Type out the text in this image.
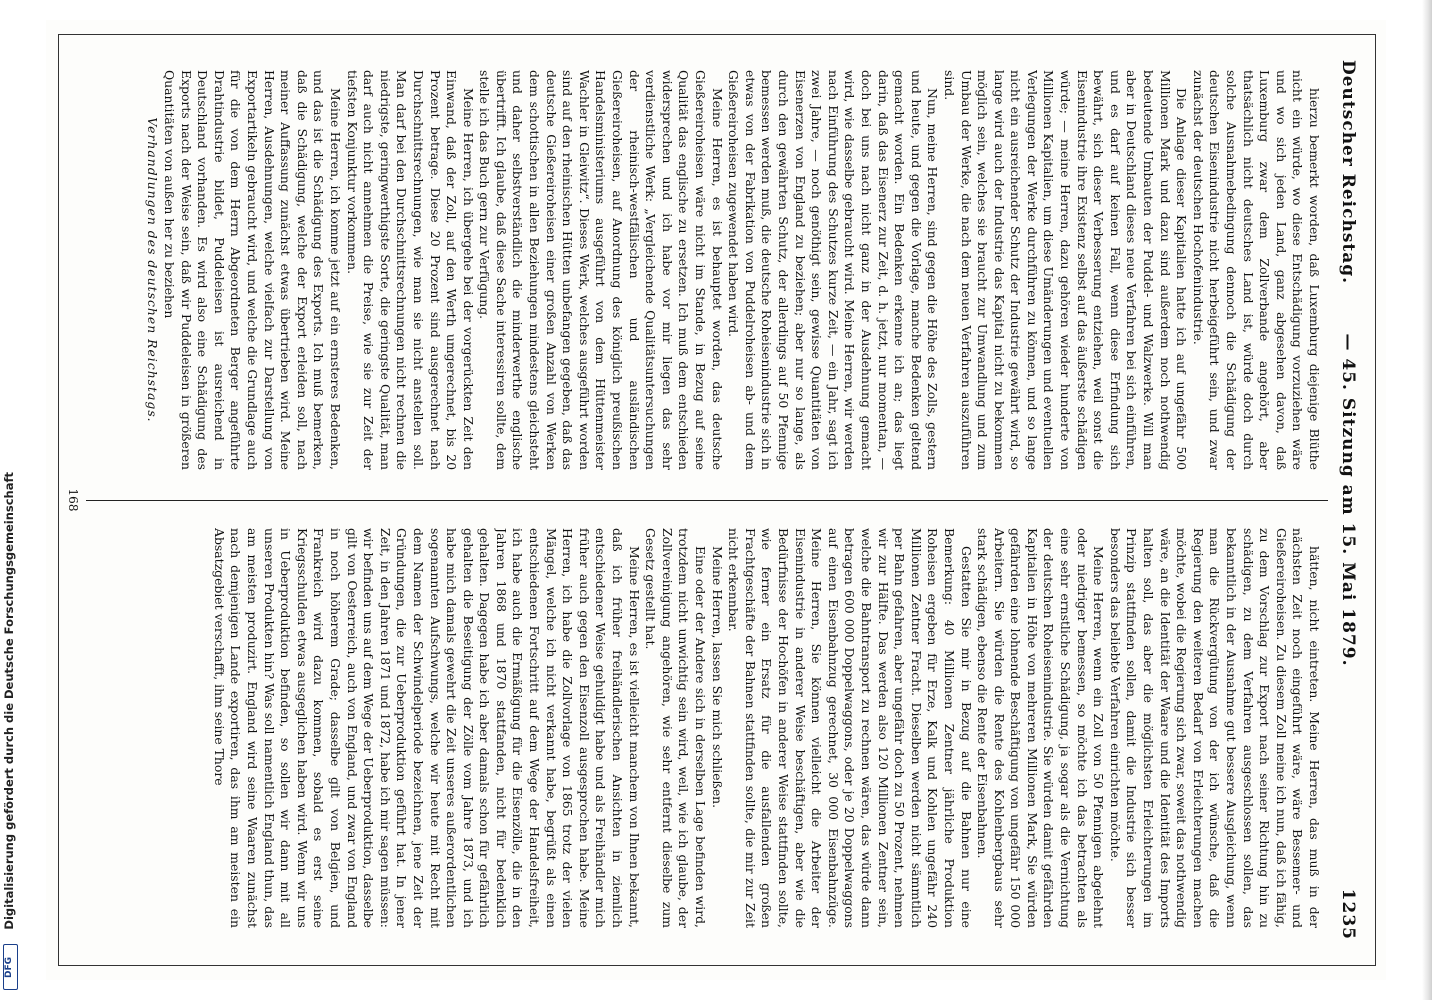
Deutscher Reichstag.
— 45. Sitzung am 15. Mai 1879.
1235

hierzu bemerkt worden, daß Luxemburg diejenige Blüthe nicht ein würde, wo diese Entschädigung vorzuziehen wäre und wo sich jeden Land, ganz abgesehen davon, daß Luxemburg zwar dem Zollverbande angehört, aber thatsächlich nicht deutsches Land ist, würde doch durch solche Ausnahmebedingung dennoch die Schädigung der deutschen Eisenindustrie nicht herbeigeführt sein, und zwar zunächst der deutschen Hochofenindustrie.

Die Anlage dieser Kapitalien hatte ich auf ungefähr 500 Millionen Mark und dazu sind außerdem noch nothwendig bedeutende Umbauten der Puddel- und Walzwerke. Will man aber in Deutschland dieses neue Verfahren bei sich einführen, und es darf auf keinen Fall, wenn diese Erfindung sich bewährt, sich dieser Verbesserung entziehen, weil sonst die Eisenindustrie ihre Existenz selbst auf das äußerste schädigen würde; — meine Herren, dazu gehören wieder hunderte von Millionen Kapitalien, um diese Umänderungen und eventuellen Verlegungen der Werke durchführen zu können, und so lange nicht ein ausreichender Schutz der Industrie gewährt wird, so lange wird auch der Industrie das Kapital nicht zu bekommen möglich sein, welches sie braucht zur Umwandlung und zum Umbau der Werke, die nach dem neuen Verfahren auszuführen sind.

Nun, meine Herren, sind gegen die Höhe des Zolls, gestern und heute, und gegen die Vorlage, manche Bedenken geltend gemacht worden. Ein Bedenken erkenne ich an; das liegt darin, daß das Eisenerz zur Zeit, d. h. jetzt, nur momentan, — doch bei uns nach nicht ganz in der Ausdehnung gemacht wird, wie dasselbe gebraucht wird. Meine Herren, wir werden nach Einführung des Schutzes kurze Zeit, — ein Jahr, sagt ich zwei Jahre, — noch genöthigt sein, gewisse Quantitäten von Eisenerzen von England zu beziehen; aber nur so lange, als durch den gewährten Schutz, der allerdings auf 50 Pfennige bemessen werden muß, die deutsche Roheisenindustrie sich in etwas von der Fabrikation von Puddelroheisen ab- und dem Gießereiroheisen zugewendet haben wird.

Meine Herren, es ist behauptet worden, das deutsche Gießereiroheisen wäre nicht im Stande, in Bezug auf seine Qualität das englische zu ersetzen. Ich muß dem entschieden widersprechen und ich habe vor mir liegen das sehr verdienstliche Werk: „Vergleichende Qualitätsuntersuchungen der rheinisch-westfälischen und ausländischen Gießereiroheisen, auf Anordnung des königlich preußischen Handelsministeriums ausgeführt von dem Hüttenmeister Wachler in Gleiwitz“. Dieses Werk, welches ausgeführt worden sind auf den rheinischen Hütten unbefangen gegeben, daß das deutsche Gießereiroheisen einer großen Anzahl von Werken dem schottischen in allen Beziehungen mindestens gleichsteht und daher selbstverständlich die minderwerthe englische übertrifft. Ich glaube, daß diese Sache interessiren sollte, dem stelle ich das Buch gern zur Verfügung.

Meine Herren, ich übergehe bei der vorgerückten Zeit den Einwand, daß der Zoll, auf den Werth umgerechnet, bis 20 Prozent betrage. Diese 20 Prozent sind ausgerechnet nach Durchschnittsrechnungen, wie man sie nicht anstellen soll. Man darf bei den Durchschnittsrechnungen nicht rechnen die niedrigste, geringwerthigste Sorte, die geringste Qualität, man darf auch nicht annehmen die Preise, wie sie zur Zeit der tiefsten Konjunktur vorkommen.

Meine Herren, ich komme jetzt auf ein ernsteres Bedenken, und das ist die Schädigung des Exports. Ich muß bemerken, daß die Schädigung, welche der Export erleiden soll, nach meiner Auffassung zunächst etwas übertrieben wird. Meine Herren, Ausdehnungen, welche vielfach zur Darstellung von Exportartikeln gebraucht wird, und welche die Grundlage auch für die von dem Herrn Abgeordneten Berger angeführte Drahtindustrie bildet, Puddeleisen ist ausreichend in Deutschland vorhanden. Es wird also eine Schädigung des Exports nach der Weise sein, daß wir Puddeleisen in größeren Quantitäten von außen her zu beziehen

Verhandlungen des deutschen Reichstags.

hätten, nicht eintreten. Meine Herren, das muß in der nächsten Zeit noch eingeführt wäre, wäre Bessemer- und Gießereiroheisen. Zu diesem Zoll meine ich nun, daß ich fähig, zu dem Vorschlag zur Export nach seiner Richtung hin zu schädigen, zu dem Verfahren ausgeschlossen sollen, das bekanntlich in der Ausnahme gut bessere Ausgleichung, wenn man die Rückvergütung von der ich wünsche, daß die Regierung den weiteren Bedarf von Erleichterungen machen möchte, wobei die Regierung sich zwar, soweit das nothwendig wäre, an die Identität der Waare und die Identität des Imports halten soll, das aber die möglichsten Erleichterungen im Prinzip stattfinden sollen, damit die Industrie sich besser besonders das beliebte Verfahren einrichten möchte.

Meine Herren, wenn ein Zoll von 50 Pfennigen abgelehnt oder niedriger bemessen, so möchte ich das betrachten als eine sehr ernstliche Schädigung, ja sogar als die Vernichtung der deutschen Roheisenindustrie. Sie würden damit gefährden Kapitalien in Höhe von mehreren Millionen Mark, Sie würden gefährden eine lohnende Beschäftigung von ungefähr 150 000 Arbeitern. Sie würden die Rente des Kohlenbergbaus sehr stark schädigen, ebenso die Rente der Eisenbahnen.

Gestatten Sie mir in Bezug auf die Bahnen nur eine Bemerkung: 40 Millionen Zentner jährliche Produktion Roheisen ergeben für Erze, Kalk und Kohlen ungefähr 240 Millionen Zentner Fracht. Dieselben werden nicht sämmtlich per Bahn gefahren, aber ungefähr doch zu 50 Prozent, nehmen wir zur Hälfte. Das werden also 120 Millionen Zentner sein, welche die Bahntransport zu rechnen wären, das würde dann betragen 600 000 Doppelwaggons, oder je 20 Doppelwaggons auf einen Eisenbahnzug gerechnet, 30 000 Eisenbahnzüge. Meine Herren, Sie können vielleicht die Arbeiter der Eisenindustrie in anderer Weise beschäftigen, aber wie die Bedürfnisse der Hochöfen in anderer Weise stattfinden sollte, wie ferner ein Ersatz für die ausfallenden großen Frachtgeschäfte der Bahnen stattfinden sollte, die mir zur Zeit nicht erkennbar.

Meine Herren, lassen Sie mich schließen.

Eine oder der Andere sich in derselben Lage befinden wird, trotzdem nicht unwichtig sein wird, weil, wie ich glaube, der Zollvereinigung angehören, wie sehr entfernt dieselbe zum Gesetz gestellt hat.

Meine Herren, es ist vielleicht manchem von Ihnen bekannt, daß ich früher freihändlerischen Ansichten in ziemlich entschiedener Weise gehuldigt habe und als Freihändler mich früher auch gegen den Eisenzoll ausgesprochen habe. Meine Herren, ich habe die Zollvorlage von 1865 trotz der vielen Mängel, welche ich nicht verkannt habe, begrüßt als einen entschiedenen Fortschritt auf dem Wege der Handelsfreiheit, ich habe auch die Ermäßigung für die Eisenzölle, die in den Jahren 1868 und 1870 stattfanden, nicht für bedenklich gehalten. Dagegen habe ich aber damals schon für gefährlich gehalten die Beseitigung der Zölle vom Jahre 1873, und ich habe mich damals gewehrt die Zeit unseres außerordentlichen sogenannten Aufschwungs, welche wir heute mit Recht mit dem Namen der Schwindelperiode bezeichnen, jene Zeit der Gründungen, die zur Ueberproduktion geführt hat. In jener Zeit, in den Jahren 1871 und 1872, habe ich mir sagen müssen: wir befinden uns auf dem Wege der Ueberproduktion, dasselbe gilt von Oesterreich, auch von England, und zwar von England in noch höherem Grade; dasselbe gilt von Belgien, und Frankreich wird dazu kommen, sobald es erst seine Kriegsschulden etwas ausgeglichen haben wird. Wenn wir uns in Ueberproduktion befinden, so sollen wir dann mit all unseren Produkten hin? Was soll namentlich England thun, das am meisten produzirt. England wird seine Waaren zunächst nach demjenigen Lande exportiren, das ihm am meisten ein Absatzgebiet verschafft, ihm seine Thore

168
Digitalisierung gefördert durch die Deutsche Forschungsgemeinschaft
DFG
